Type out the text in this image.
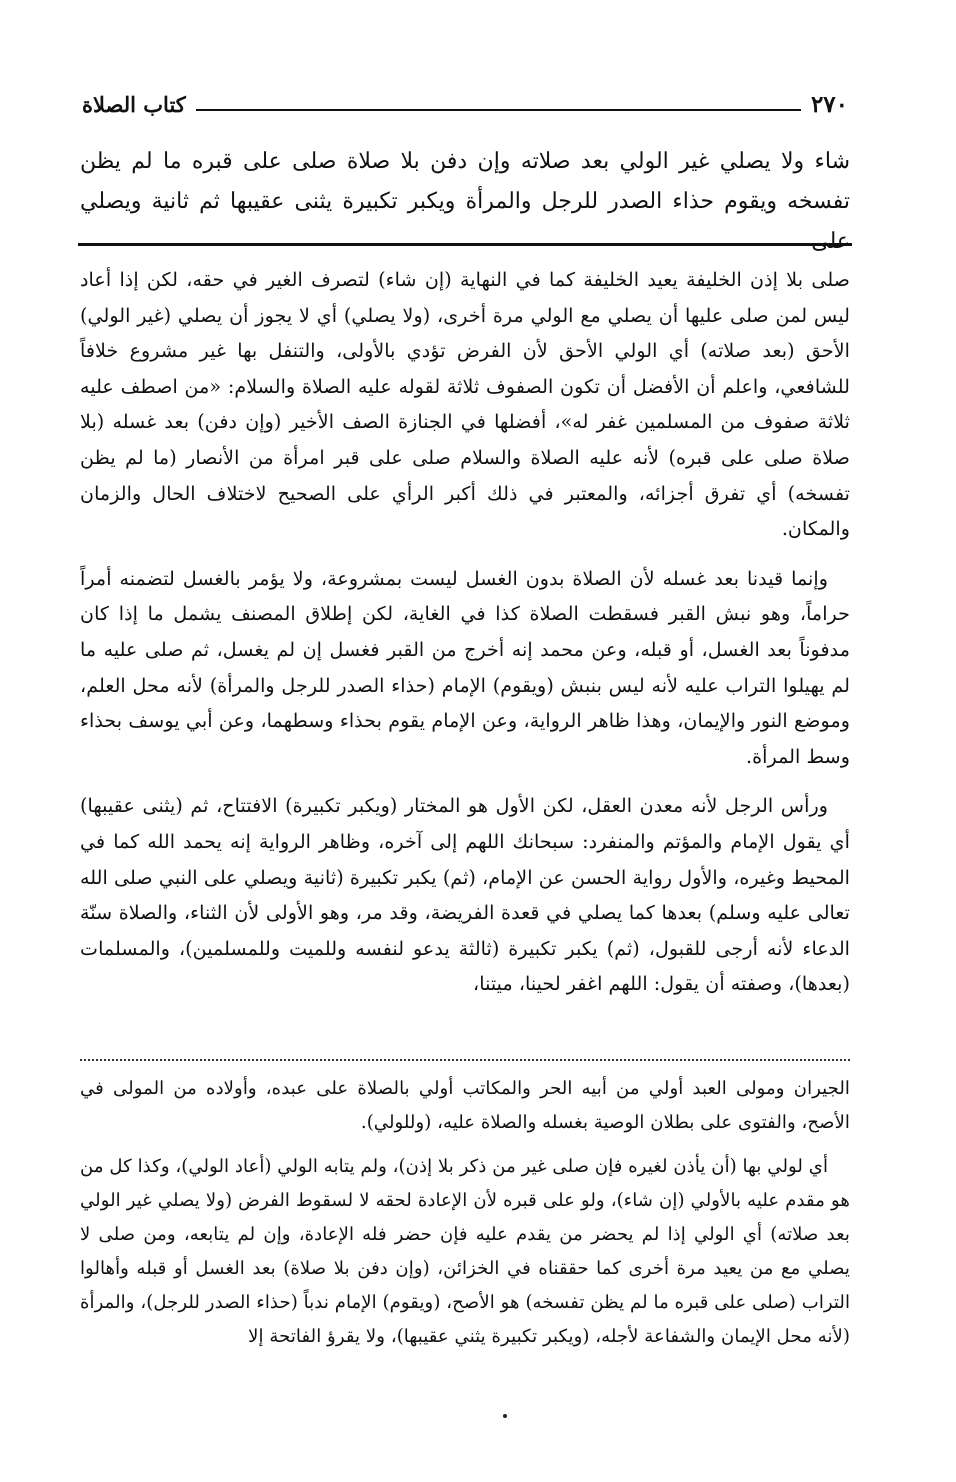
٢٧٠
كتاب الصلاة
شاء ولا يصلي غير الولي بعد صلاته وإن دفن بلا صلاة صلى على قبره ما لم يظن تفسخه ويقوم حذاء الصدر للرجل والمرأة ويكبر تكبيرة يثنى عقيبها ثم ثانية ويصلي على

صلى بلا إذن الخليفة يعيد الخليفة كما في النهاية (إن شاء) لتصرف الغير في حقه، لكن إذا أعاد ليس لمن صلى عليها أن يصلي مع الولي مرة أخرى، (ولا يصلي) أي لا يجوز أن يصلي (غير الولي) الأحق (بعد صلاته) أي الولي الأحق لأن الفرض تؤدي بالأولى، والتنفل بها غير مشروع خلافاً للشافعي، واعلم أن الأفضل أن تكون الصفوف ثلاثة لقوله عليه الصلاة والسلام: «من اصطف عليه ثلاثة صفوف من المسلمين غفر له»، أفضلها في الجنازة الصف الأخير (وإن دفن) بعد غسله (بلا صلاة صلى على قبره) لأنه عليه الصلاة والسلام صلى على قبر امرأة من الأنصار (ما لم يظن تفسخه) أي تفرق أجزائه، والمعتبر في ذلك أكبر الرأي على الصحيح لاختلاف الحال والزمان والمكان.

وإنما قيدنا بعد غسله لأن الصلاة بدون الغسل ليست بمشروعة، ولا يؤمر بالغسل لتضمنه أمراً حراماً، وهو نبش القبر فسقطت الصلاة كذا في الغاية، لكن إطلاق المصنف يشمل ما إذا كان مدفوناً بعد الغسل، أو قبله، وعن محمد إنه أخرج من القبر فغسل إن لم يغسل، ثم صلى عليه ما لم يهيلوا التراب عليه لأنه ليس بنبش (ويقوم) الإمام (حذاء الصدر للرجل والمرأة) لأنه محل العلم، وموضع النور والإيمان، وهذا ظاهر الرواية، وعن الإمام يقوم بحذاء وسطهما، وعن أبي يوسف بحذاء وسط المرأة.

ورأس الرجل لأنه معدن العقل، لكن الأول هو المختار (ويكبر تكبيرة) الافتتاح، ثم (يثنى عقيبها) أي يقول الإمام والمؤتم والمنفرد: سبحانك اللهم إلى آخره، وظاهر الرواية إنه يحمد الله كما في المحيط وغيره، والأول رواية الحسن عن الإمام، (ثم) يكبر تكبيرة (ثانية ويصلي على النبي صلى الله تعالى عليه وسلم) بعدها كما يصلي في قعدة الفريضة، وقد مر، وهو الأولى لأن الثناء، والصلاة سنّة الدعاء لأنه أرجى للقبول، (ثم) يكبر تكبيرة (ثالثة يدعو لنفسه وللميت وللمسلمين)، والمسلمات (بعدها)، وصفته أن يقول: اللهم اغفر لحينا، ميتنا،

الجيران ومولى العبد أولي من أبيه الحر والمكاتب أولي بالصلاة على عبده، وأولاده من المولى في الأصح، والفتوى على بطلان الوصية بغسله والصلاة عليه، (وللولي).

أي لولي بها (أن يأذن لغيره فإن صلى غير من ذكر بلا إذن)، ولم يتابه الولي (أعاد الولي)، وكذا كل من هو مقدم عليه بالأولي (إن شاء)، ولو على قبره لأن الإعادة لحقه لا لسقوط الفرض (ولا يصلي غير الولي بعد صلاته) أي الولي إذا لم يحضر من يقدم عليه فإن حضر فله الإعادة، وإن لم يتابعه، ومن صلى لا يصلي مع من يعيد مرة أخرى كما حققناه في الخزائن، (وإن دفن بلا صلاة) بعد الغسل أو قبله وأهالوا التراب (صلى على قبره ما لم يظن تفسخه) هو الأصح، (ويقوم) الإمام ندباً (حذاء الصدر للرجل)، والمرأة (لأنه محل الإيمان والشفاعة لأجله، (ويكبر تكبيرة يثني عقيبها)، ولا يقرؤ الفاتحة إلا
